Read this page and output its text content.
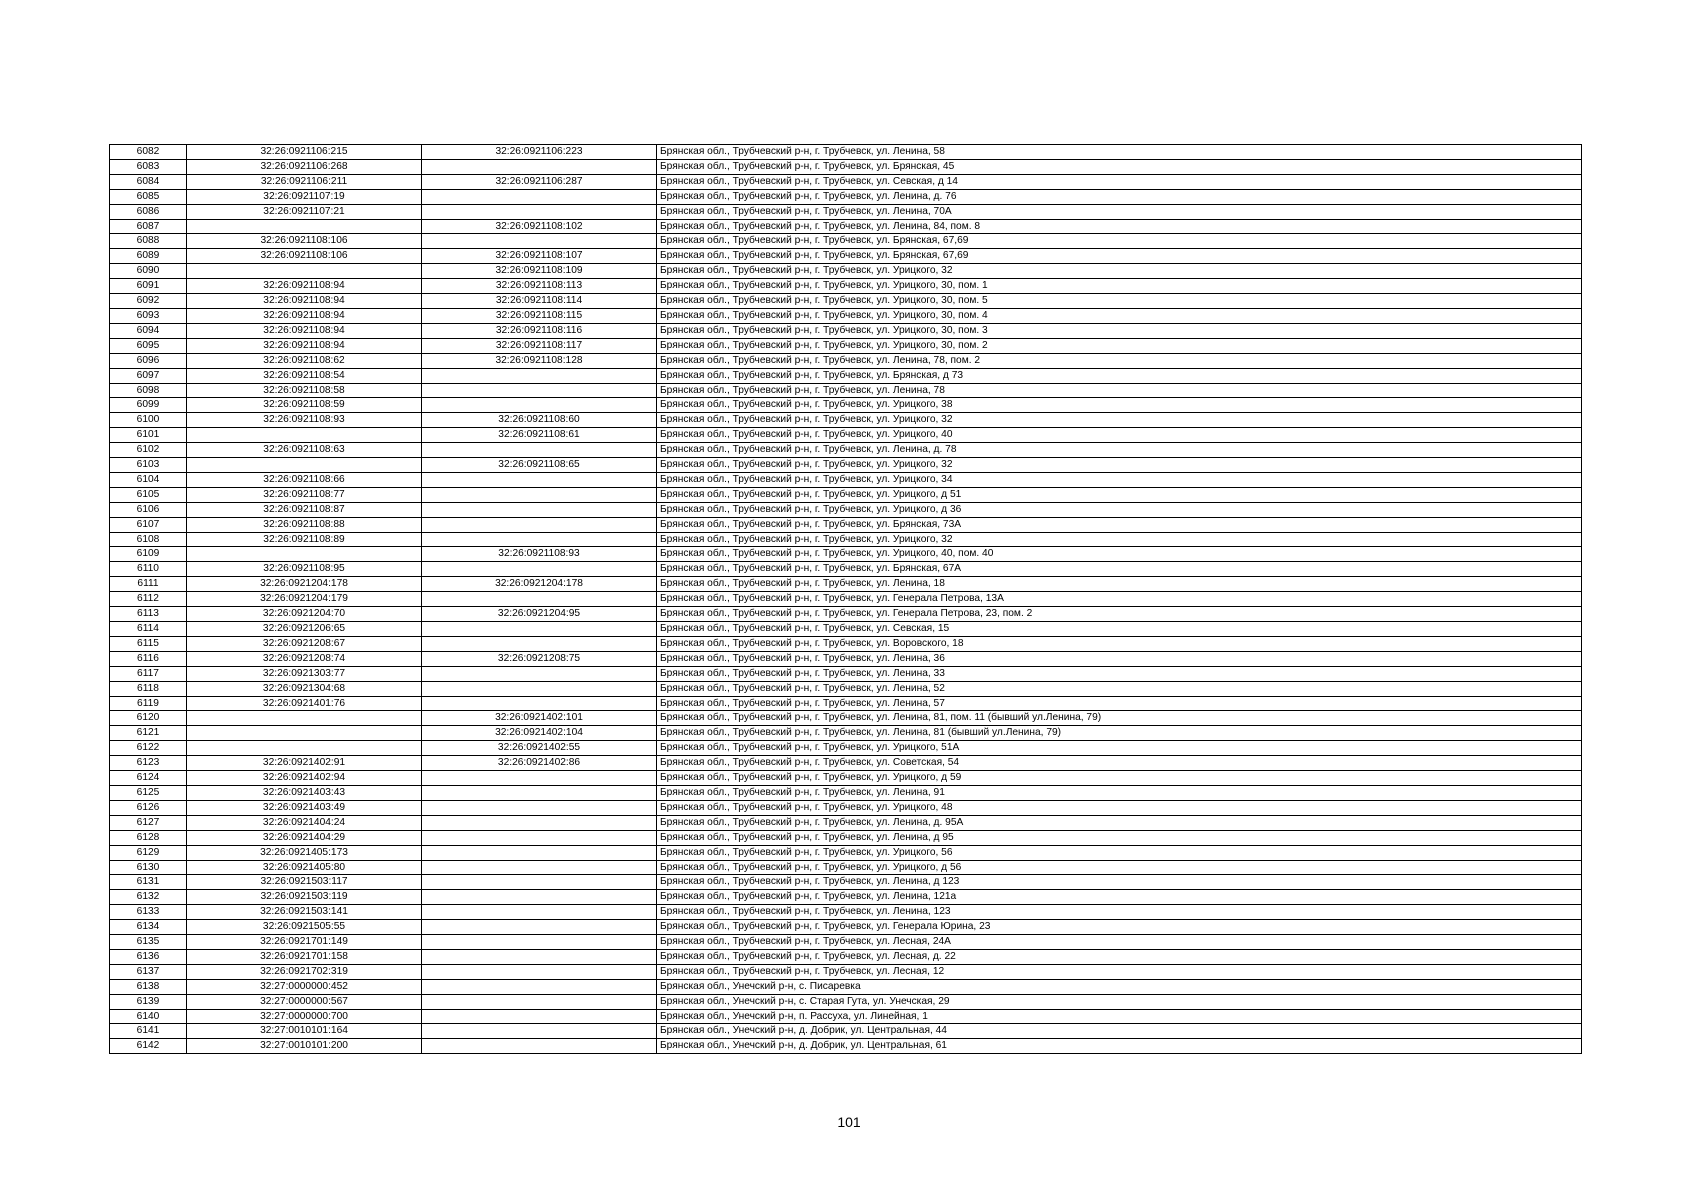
6082	32:26:0921106:215	32:26:0921106:223	Брянская обл., Трубчевский р-н, г. Трубчевск, ул. Ленина, 58
6083	32:26:0921106:268		Брянская обл., Трубчевский р-н, г. Трубчевск, ул. Брянская, 45
6084	32:26:0921106:211	32:26:0921106:287	Брянская обл., Трубчевский р-н, г. Трубчевск, ул. Севская, д 14
6085	32:26:0921107:19		Брянская обл., Трубчевский р-н, г. Трубчевск, ул. Ленина, д. 76
6086	32:26:0921107:21		Брянская обл., Трубчевский р-н, г. Трубчевск, ул. Ленина, 70А
6087		32:26:0921108:102	Брянская обл., Трубчевский р-н, г. Трубчевск, ул. Ленина, 84, пом. 8
6088	32:26:0921108:106		Брянская обл., Трубчевский р-н, г. Трубчевск, ул. Брянская, 67,69
6089	32:26:0921108:106	32:26:0921108:107	Брянская обл., Трубчевский р-н, г. Трубчевск, ул. Брянская, 67,69
6090		32:26:0921108:109	Брянская обл., Трубчевский р-н, г. Трубчевск, ул. Урицкого, 32
6091	32:26:0921108:94	32:26:0921108:113	Брянская обл., Трубчевский р-н, г. Трубчевск, ул. Урицкого, 30, пом. 1
6092	32:26:0921108:94	32:26:0921108:114	Брянская обл., Трубчевский р-н, г. Трубчевск, ул. Урицкого, 30, пом. 5
6093	32:26:0921108:94	32:26:0921108:115	Брянская обл., Трубчевский р-н, г. Трубчевск, ул. Урицкого, 30, пом. 4
6094	32:26:0921108:94	32:26:0921108:116	Брянская обл., Трубчевский р-н, г. Трубчевск, ул. Урицкого, 30, пом. 3
6095	32:26:0921108:94	32:26:0921108:117	Брянская обл., Трубчевский р-н, г. Трубчевск, ул. Урицкого, 30, пом. 2
6096	32:26:0921108:62	32:26:0921108:128	Брянская обл., Трубчевский р-н, г. Трубчевск, ул. Ленина, 78, пом. 2
6097	32:26:0921108:54		Брянская обл., Трубчевский р-н, г. Трубчевск, ул. Брянская, д 73
6098	32:26:0921108:58		Брянская обл., Трубчевский р-н, г. Трубчевск, ул. Ленина, 78
6099	32:26:0921108:59		Брянская обл., Трубчевский р-н, г. Трубчевск, ул. Урицкого, 38
6100	32:26:0921108:93	32:26:0921108:60	Брянская обл., Трубчевский р-н, г. Трубчевск, ул. Урицкого, 32
6101		32:26:0921108:61	Брянская обл., Трубчевский р-н, г. Трубчевск, ул. Урицкого, 40
6102	32:26:0921108:63		Брянская обл., Трубчевский р-н, г. Трубчевск, ул. Ленина, д. 78
6103		32:26:0921108:65	Брянская обл., Трубчевский р-н, г. Трубчевск, ул. Урицкого, 32
6104	32:26:0921108:66		Брянская обл., Трубчевский р-н, г. Трубчевск, ул. Урицкого, 34
6105	32:26:0921108:77		Брянская обл., Трубчевский р-н, г. Трубчевск, ул. Урицкого, д 51
6106	32:26:0921108:87		Брянская обл., Трубчевский р-н, г. Трубчевск, ул. Урицкого, д 36
6107	32:26:0921108:88		Брянская обл., Трубчевский р-н, г. Трубчевск, ул. Брянская, 73А
6108	32:26:0921108:89		Брянская обл., Трубчевский р-н, г. Трубчевск, ул. Урицкого, 32
6109		32:26:0921108:93	Брянская обл., Трубчевский р-н, г. Трубчевск, ул. Урицкого, 40, пом. 40
6110	32:26:0921108:95		Брянская обл., Трубчевский р-н, г. Трубчевск, ул. Брянская, 67А
6111	32:26:0921204:178	32:26:0921204:178	Брянская обл., Трубчевский р-н, г. Трубчевск, ул. Ленина, 18
6112	32:26:0921204:179		Брянская обл., Трубчевский р-н, г. Трубчевск, ул. Генерала Петрова, 13А
6113	32:26:0921204:70	32:26:0921204:95	Брянская обл., Трубчевский р-н, г. Трубчевск, ул. Генерала Петрова, 23, пом. 2
6114	32:26:0921206:65		Брянская обл., Трубчевский р-н, г. Трубчевск, ул. Севская, 15
6115	32:26:0921208:67		Брянская обл., Трубчевский р-н, г. Трубчевск, ул. Воровского, 18
6116	32:26:0921208:74	32:26:0921208:75	Брянская обл., Трубчевский р-н, г. Трубчевск, ул. Ленина, 36
6117	32:26:0921303:77		Брянская обл., Трубчевский р-н, г. Трубчевск, ул. Ленина, 33
6118	32:26:0921304:68		Брянская обл., Трубчевский р-н, г. Трубчевск, ул. Ленина, 52
6119	32:26:0921401:76		Брянская обл., Трубчевский р-н, г. Трубчевск, ул. Ленина, 57
6120		32:26:0921402:101	Брянская обл., Трубчевский р-н, г. Трубчевск, ул. Ленина, 81, пом. 11 (бывший ул.Ленина, 79)
6121		32:26:0921402:104	Брянская обл., Трубчевский р-н, г. Трубчевск, ул. Ленина, 81 (бывший ул.Ленина, 79)
6122		32:26:0921402:55	Брянская обл., Трубчевский р-н, г. Трубчевск, ул. Урицкого, 51А
6123	32:26:0921402:91	32:26:0921402:86	Брянская обл., Трубчевский р-н, г. Трубчевск, ул. Советская, 54
6124	32:26:0921402:94		Брянская обл., Трубчевский р-н, г. Трубчевск, ул. Урицкого, д 59
6125	32:26:0921403:43		Брянская обл., Трубчевский р-н, г. Трубчевск, ул. Ленина, 91
6126	32:26:0921403:49		Брянская обл., Трубчевский р-н, г. Трубчевск, ул. Урицкого, 48
6127	32:26:0921404:24		Брянская обл., Трубчевский р-н, г. Трубчевск, ул. Ленина, д. 95А
6128	32:26:0921404:29		Брянская обл., Трубчевский р-н, г. Трубчевск, ул. Ленина, д 95
6129	32:26:0921405:173		Брянская обл., Трубчевский р-н, г. Трубчевск, ул. Урицкого, 56
6130	32:26:0921405:80		Брянская обл., Трубчевский р-н, г. Трубчевск, ул. Урицкого, д 56
6131	32:26:0921503:117		Брянская обл., Трубчевский р-н, г. Трубчевск, ул. Ленина, д 123
6132	32:26:0921503:119		Брянская обл., Трубчевский р-н, г. Трубчевск, ул. Ленина, 121а
6133	32:26:0921503:141		Брянская обл., Трубчевский р-н, г. Трубчевск, ул. Ленина, 123
6134	32:26:0921505:55		Брянская обл., Трубчевский р-н, г. Трубчевск, ул. Генерала Юрина, 23
6135	32:26:0921701:149		Брянская обл., Трубчевский р-н, г. Трубчевск, ул. Лесная, 24А
6136	32:26:0921701:158		Брянская обл., Трубчевский р-н, г. Трубчевск, ул. Лесная, д. 22
6137	32:26:0921702:319		Брянская обл., Трубчевский р-н, г. Трубчевск, ул. Лесная, 12
6138	32:27:0000000:452		Брянская обл., Унечский р-н, с. Писаревка
6139	32:27:0000000:567		Брянская обл., Унечский р-н, с. Старая Гута, ул. Унечская, 29
6140	32:27:0000000:700		Брянская обл., Унечский р-н, п. Рассуха, ул. Линейная, 1
6141	32:27:0010101:164		Брянская обл., Унечский р-н, д. Добрик, ул. Центральная, 44
6142	32:27:0010101:200		Брянская обл., Унечский р-н, д. Добрик, ул. Центральная, 61
101
